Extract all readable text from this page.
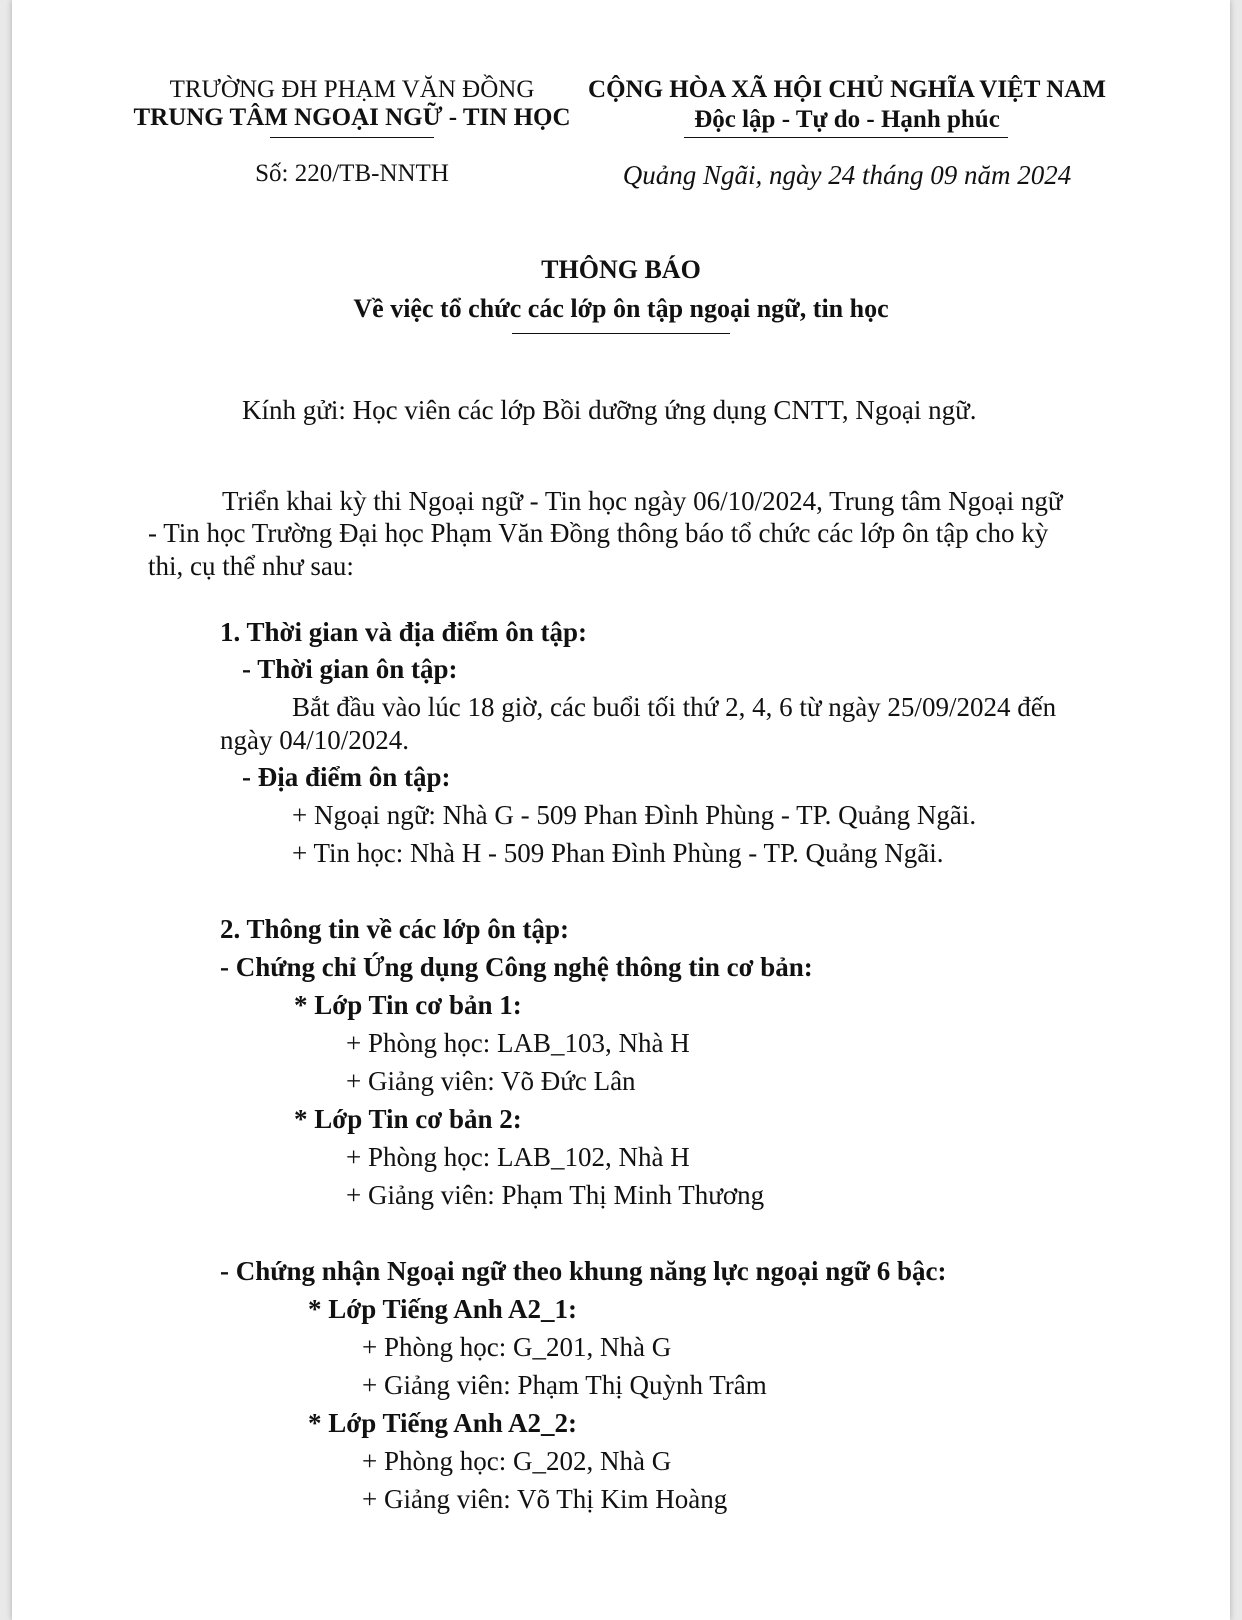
TRƯỜNG ĐH PHẠM VĂN ĐỒNG
TRUNG TÂM NGOẠI NGỮ - TIN HỌC
CỘNG HÒA XÃ HỘI CHỦ NGHĨA VIỆT NAM
Độc lập - Tự do - Hạnh phúc
Số: 220/TB-NNTH	Quảng Ngãi, ngày 24 tháng 09 năm 2024
THÔNG BÁO
Về việc tổ chức các lớp ôn tập ngoại ngữ, tin học
Kính gửi: Học viên các lớp Bồi dưỡng ứng dụng CNTT, Ngoại ngữ.
Triển khai kỳ thi Ngoại ngữ - Tin học ngày 06/10/2024, Trung tâm Ngoại ngữ
- Tin học Trường Đại học Phạm Văn Đồng thông báo tổ chức các lớp ôn tập cho kỳ
thi, cụ thể như sau:
1. Thời gian và địa điểm ôn tập:
- Thời gian ôn tập:
Bắt đầu vào lúc 18 giờ, các buổi tối thứ 2, 4, 6 từ ngày 25/09/2024 đến
ngày 04/10/2024.
- Địa điểm ôn tập:
+ Ngoại ngữ: Nhà G - 509 Phan Đình Phùng - TP. Quảng Ngãi.
+ Tin học: Nhà H - 509 Phan Đình Phùng - TP. Quảng Ngãi.
2. Thông tin về các lớp ôn tập:
- Chứng chỉ Ứng dụng Công nghệ thông tin cơ bản:
* Lớp Tin cơ bản 1:
+ Phòng học: LAB_103, Nhà H
+ Giảng viên: Võ Đức Lân
* Lớp Tin cơ bản 2:
+ Phòng học: LAB_102, Nhà H
+ Giảng viên: Phạm Thị Minh Thương
- Chứng nhận Ngoại ngữ theo khung năng lực ngoại ngữ 6 bậc:
* Lớp Tiếng Anh A2_1:
+ Phòng học: G_201, Nhà G
+ Giảng viên: Phạm Thị Quỳnh Trâm
* Lớp Tiếng Anh A2_2:
+ Phòng học: G_202, Nhà G
+ Giảng viên: Võ Thị Kim Hoàng
